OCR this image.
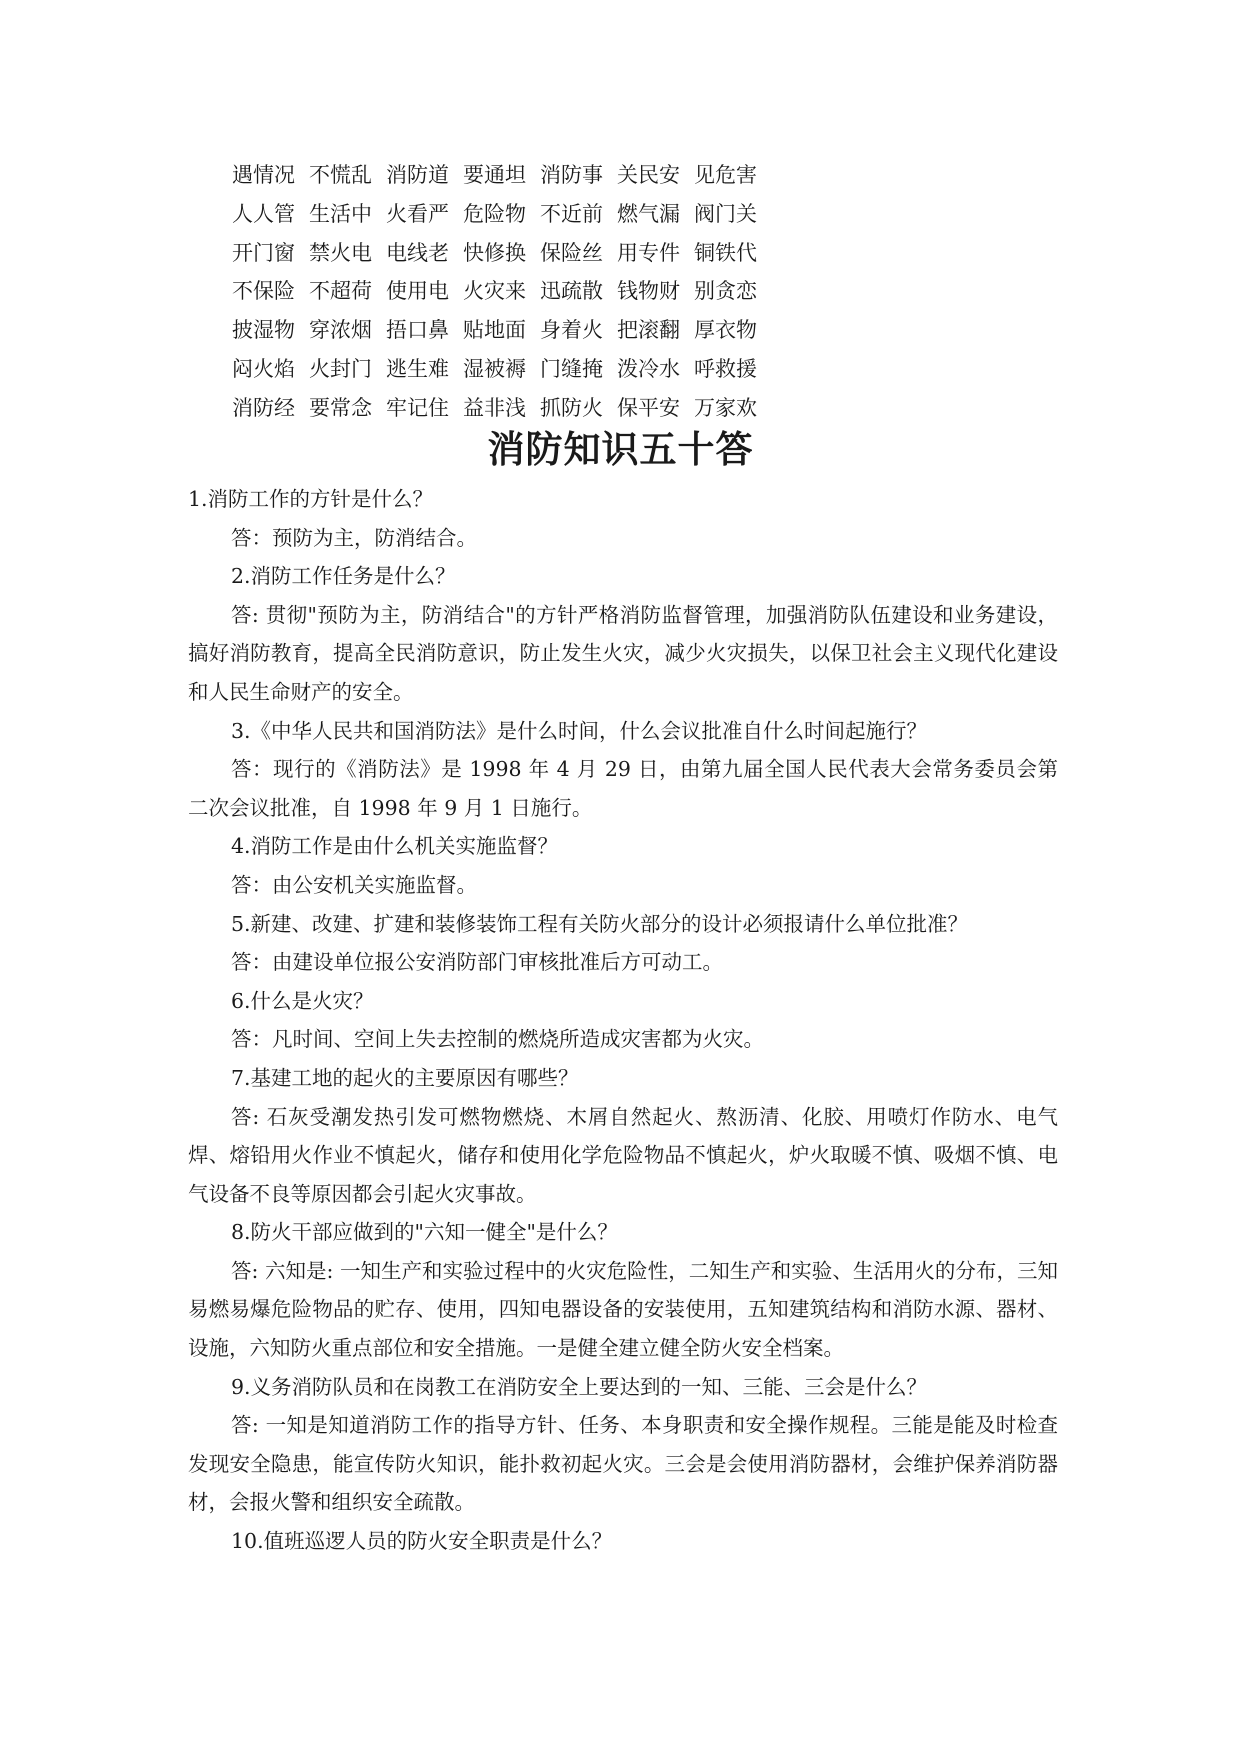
遇情况 不慌乱 消防道 要通坦 消防事 关民安 见危害
人人管 生活中 火看严 危险物 不近前 燃气漏 阀门关
开门窗 禁火电 电线老 快修换 保险丝 用专件 铜铁代
不保险 不超荷 使用电 火灾来 迅疏散 钱物财 别贪恋
披湿物 穿浓烟 捂口鼻 贴地面 身着火 把滚翻 厚衣物
闷火焰 火封门 逃生难 湿被褥 门缝掩 泼冷水 呼救援
消防经 要常念 牢记住 益非浅 抓防火 保平安 万家欢
消防知识五十答

1.消防工作的方针是什么？

答：预防为主，防消结合。

2.消防工作任务是什么？

答: 贯彻"预防为主，防消结合"的方针严格消防监督管理，加强消防队伍建设和业务建设，搞好消防教育，提高全民消防意识，防止发生火灾，减少火灾损失，以保卫社会主义现代化建设和人民生命财产的安全。

3.《中华人民共和国消防法》是什么时间，什么会议批准自什么时间起施行？

答：现行的《消防法》是 1998 年 4 月 29 日，由第九届全国人民代表大会常务委员会第二次会议批准，自 1998 年 9 月 1 日施行。

4.消防工作是由什么机关实施监督？

答：由公安机关实施监督。

5.新建、改建、扩建和装修装饰工程有关防火部分的设计必须报请什么单位批准？

答：由建设单位报公安消防部门审核批准后方可动工。

6.什么是火灾？

答：凡时间、空间上失去控制的燃烧所造成灾害都为火灾。

7.基建工地的起火的主要原因有哪些？

答: 石灰受潮发热引发可燃物燃烧、木屑自然起火、熬沥清、化胶、用喷灯作防水、电气焊、熔铅用火作业不慎起火，储存和使用化学危险物品不慎起火，炉火取暖不慎、吸烟不慎、电气设备不良等原因都会引起火灾事故。

8.防火干部应做到的"六知一健全"是什么？

答: 六知是: 一知生产和实验过程中的火灾危险性，二知生产和实验、生活用火的分布，三知易燃易爆危险物品的贮存、使用，四知电器设备的安装使用，五知建筑结构和消防水源、器材、设施，六知防火重点部位和安全措施。一是健全建立健全防火安全档案。

9.义务消防队员和在岗教工在消防安全上要达到的一知、三能、三会是什么？

答: 一知是知道消防工作的指导方针、任务、本身职责和安全操作规程。三能是能及时检查发现安全隐患，能宣传防火知识，能扑救初起火灾。三会是会使用消防器材，会维护保养消防器材，会报火警和组织安全疏散。

10.值班巡逻人员的防火安全职责是什么？
